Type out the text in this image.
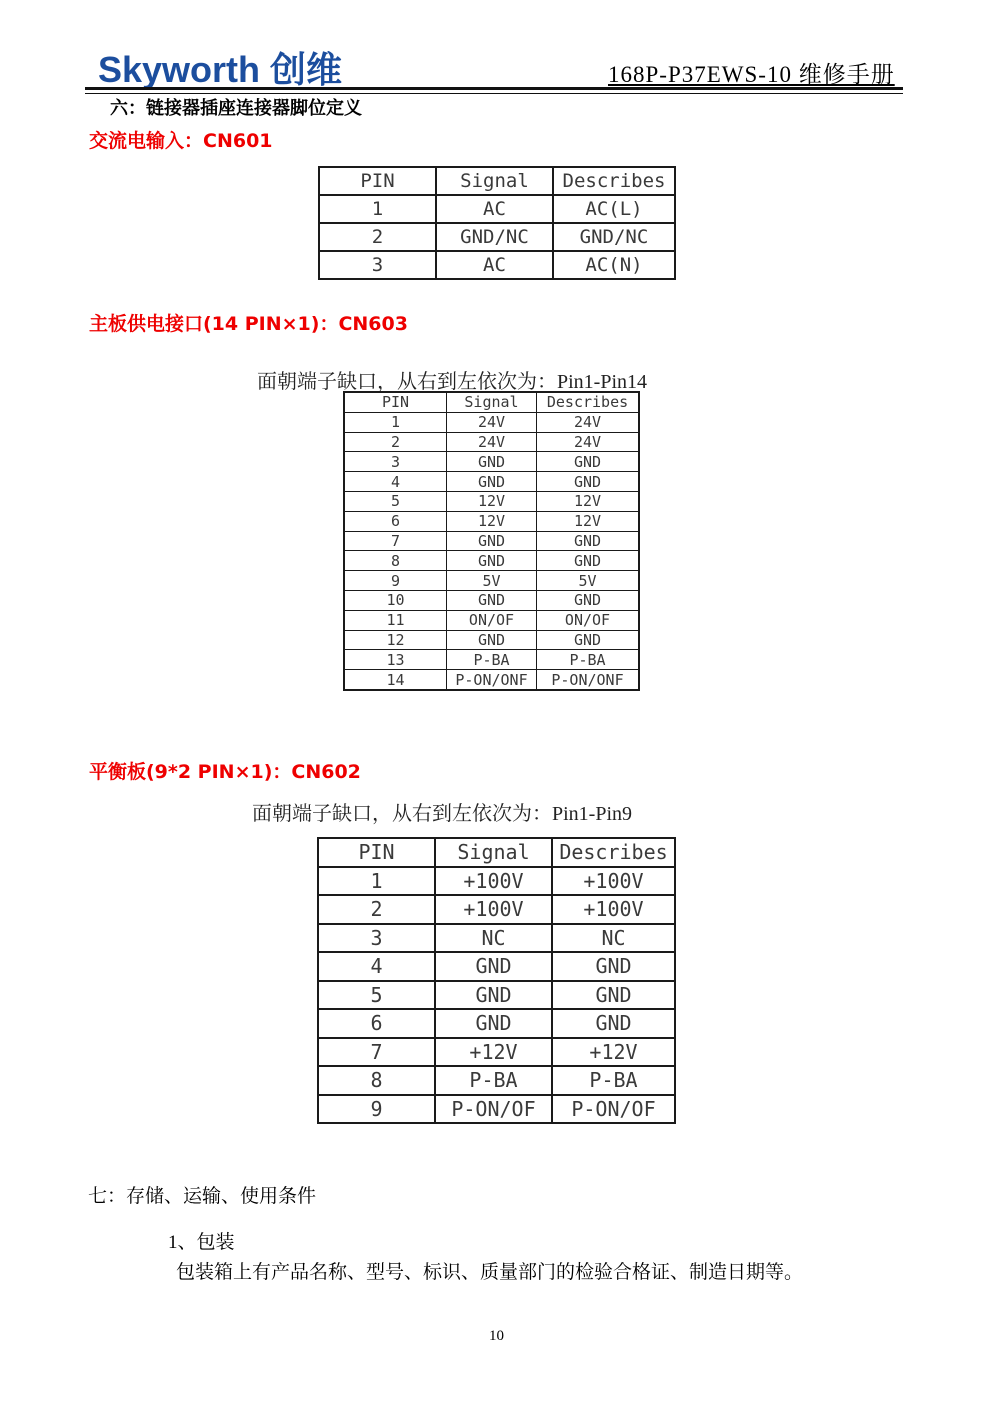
Skyworth 创维	168P-P37EWS-10 维修手册
六：链接器插座连接器脚位定义
交流电输入：CN601
PIN	Signal	Describes
1	AC	AC(L)
2	GND/NC	GND/NC
3	AC	AC(N)
主板供电接口(14 PIN×1)：CN603
面朝端子缺口，从右到左依次为：Pin1-Pin14
PIN	Signal	Describes
1	24V	24V
2	24V	24V
3	GND	GND
4	GND	GND
5	12V	12V
6	12V	12V
7	GND	GND
8	GND	GND
9	5V	5V
10	GND	GND
11	ON/OF	ON/OF
12	GND	GND
13	P-BA	P-BA
14	P-ON/ONF	P-ON/ONF
平衡板(9*2 PIN×1)：CN602
面朝端子缺口，从右到左依次为：Pin1-Pin9
PIN	Signal	Describes
1	+100V	+100V
2	+100V	+100V
3	NC	NC
4	GND	GND
5	GND	GND
6	GND	GND
7	+12V	+12V
8	P-BA	P-BA
9	P-ON/OF	P-ON/OF
七：存储、运输、使用条件
1、包装
包装箱上有产品名称、型号、标识、质量部门的检验合格证、制造日期等。
10
